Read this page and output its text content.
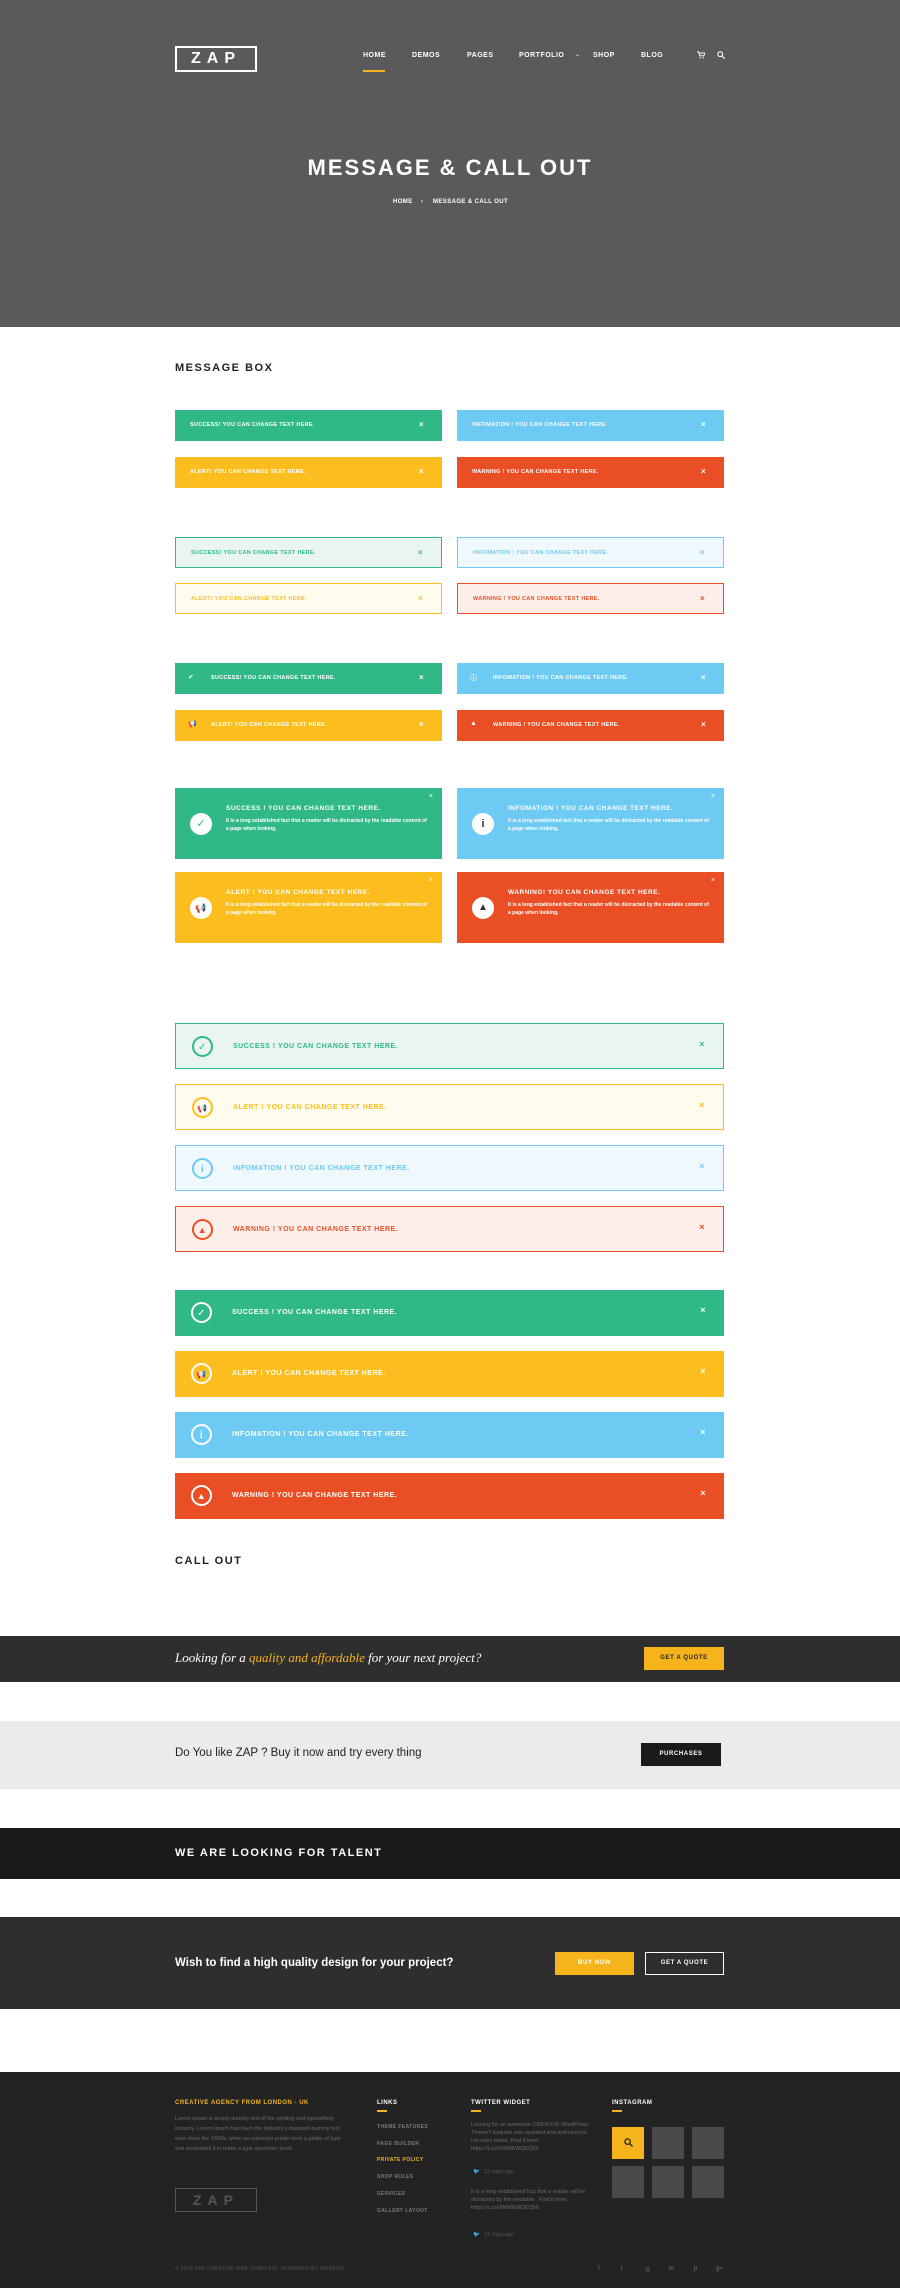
ZAP	HOME	DEMOS	PAGES	PORTFOLIO ⌄ SHOP	BLOG
MESSAGE & CALL OUT
HOME › MESSAGE & CALL OUT
MESSAGE BOX
SUCCESS! YOU CAN CHANGE TEXT HERE.	×	INFOMATION ! YOU CAN CHANGE TEXT HERE.	×
ALERT! YOU CAN CHANGE TEXT HERE.	×	WARNING ! YOU CAN CHANGE TEXT HERE.	×
SUCCESS! YOU CAN CHANGE TEXT HERE.	×	INFOMATION ! YOU CAN CHANGE TEXT HERE.	×
ALERT! YOU CAN CHANGE TEXT HERE.	×	WARNING ! YOU CAN CHANGE TEXT HERE.	×
✔	SUCCESS! YOU CAN CHANGE TEXT HERE.	×	ⓘ	INFOMATION ! YOU CAN CHANGE TEXT HERE.	×
📢	ALERT! YOU CAN CHANGE TEXT HERE.	×	▲	WARNING ! YOU CAN CHANGE TEXT HERE.	×
✓
SUCCESS ! YOU CAN CHANGE TEXT HERE.
It is a long established fact that a reader will be distracted by the readable content of a page when looking.
×
i
INFOMATION ! YOU CAN CHANGE TEXT HERE.
It is a long established fact that a reader will be distracted by the readable content of a page when looking.
×
📢
ALERT ! YOU CAN CHANGE TEXT HERE.
It is a long established fact that a reader will be distracted by the readable content of a page when looking.
×
▲
WARNING! YOU CAN CHANGE TEXT HERE.
It is a long established fact that a reader will be distracted by the readable content of a page when looking.
×
✓	SUCCESS ! YOU CAN CHANGE TEXT HERE.	×
📢	ALERT ! YOU CAN CHANGE TEXT HERE.	×
i	INFOMATION ! YOU CAN CHANGE TEXT HERE.	×
▲	WARNING ! YOU CAN CHANGE TEXT HERE.	×
✓	SUCCESS ! YOU CAN CHANGE TEXT HERE.	×
📢	ALERT ! YOU CAN CHANGE TEXT HERE.	×
i	INFOMATION ! YOU CAN CHANGE TEXT HERE.	×
▲	WARNING ! YOU CAN CHANGE TEXT HERE.	×
CALL OUT
Looking for a quality and affordable for your next project?	GET A QUOTE
Do You like ZAP ? Buy it now and try every thing	PURCHASES
WE ARE LOOKING FOR TALENT
Wish to find a high quality design for your project?	BUY NOW	GET A QUOTE
CREATIVE AGENCY FROM LONDON - UK
Lorem Ipsum is simply dummy text of the printing and typesetting industry. Lorem Ipsum has been the industry's standard dummy text ever since the 1500s, when an unknown printer took a galley of type and scrambled it to make a type specimen book.
ZAP
LINKS
THEME FEATURES
PAGE BUILDER
PRIVATE POLICY
SHOP RULES
SERVICES
GALLERY LAYOUT
TWITTER WIDGET
Looking for an awesome CREATIVE WordPress Theme? Esquise was updated and optimized to run even better. Find it here: https://t.co/0WWEWQEQ56
🐦 12 days ago
It is a long established fact that a reader will be distracted by the readable . Find it here: https://t.co/0WWEWQEQ56
🐦 12 days ago
INSTAGRAM
© 2015 ZAP CREATIVE WEB TEMPLATE. POWERED BY WEBSITE	f	t	◎	in	p	g+
